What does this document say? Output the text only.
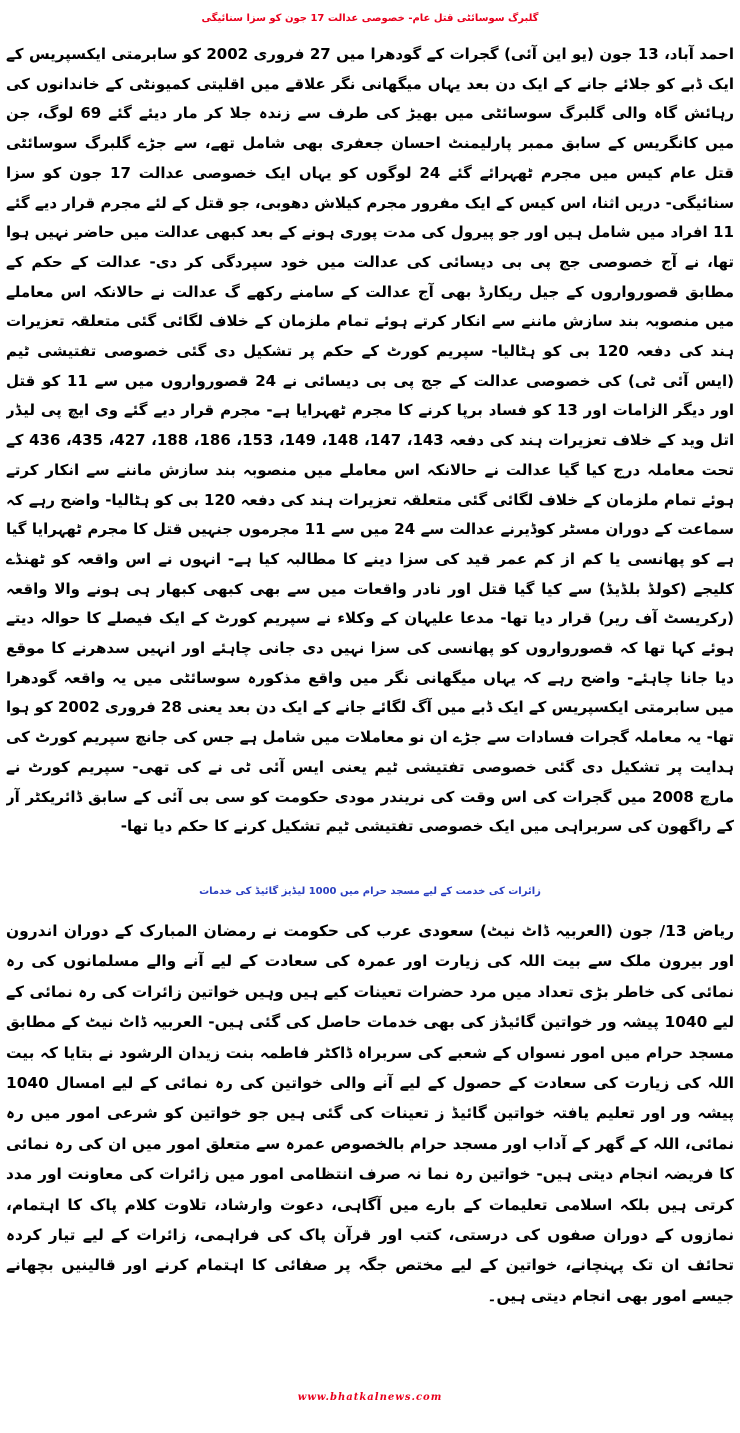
گلبرگ سوسائٹی قتل عام- خصوصی عدالت 17 جون کو سزا سنائیگی
احمد آباد، 13 جون (یو این آئی) گجرات کے گودھرا میں 27 فروری 2002 کو سابرمتی ایکسپریس کے ایک ڈبے کو جلائے جانے کے ایک دن بعد یہاں میگھانی نگر علاقے میں اقلیتی کمیونٹی کے خاندانوں کی رہائش گاہ والی گلبرگ سوسائٹی میں بھیڑ کی طرف سے زندہ جلا کر مار دیئے گئے 69 لوگ، جن میں کانگریس کے سابق ممبر پارلیمنٹ احسان جعفری بھی شامل تھے، سے جڑے گلبرگ سوسائٹی قتل عام کیس میں مجرم ٹھہرائے گئے 24 لوگوں کو یہاں ایک خصوصی عدالت 17 جون کو سزا سنائیگی- دریں اثنا، اس کیس کے ایک مفرور مجرم کیلاش دھوبی، جو قتل کے لئے مجرم قرار دیے گئے 11 افراد میں شامل ہیں اور جو پیرول کی مدت پوری ہونے کے بعد کبھی عدالت میں حاضر نہیں ہوا تھا، نے آج خصوصی جج پی بی دیسائی کی عدالت میں خود سپردگی کر دی- عدالت کے حکم کے مطابق قصورواروں کے جیل ریکارڈ بھی آج عدالت کے سامنے رکھے گ عدالت نے حالانکہ اس معاملے میں منصوبہ بند سازش ماننے سے انکار کرتے ہوئے تمام ملزمان کے خلاف لگائی گئی متعلقہ تعزیرات ہند کی دفعہ 120 بی کو ہٹالیا- سپریم کورٹ کے حکم پر تشکیل دی گئی خصوصی تفتیشی ٹیم (ایس آئی ٹی) کی خصوصی عدالت کے جج پی بی دیسائی نے 24 قصورواروں میں سے 11 کو قتل اور دیگر الزامات اور 13 کو فساد برپا کرنے کا مجرم ٹھہرایا ہے- مجرم قرار دیے گئے وی ایچ پی لیڈر اتل وید کے خلاف تعزیرات ہند کی دفعہ 143، 147، 148، 149، 153، 186، 188، 427، 435، 436 کے تحت معاملہ درج کیا گیا عدالت نے حالانکہ اس معاملے میں منصوبہ بند سازش ماننے سے انکار کرتے ہوئے تمام ملزمان کے خلاف لگائی گئی متعلقہ تعزیرات ہند کی دفعہ 120 بی کو ہٹالیا- واضح رہے کہ سماعت کے دوران مسٹر کوڈیرنے عدالت سے 24 میں سے 11 مجرموں جنہیں قتل کا مجرم ٹھہرایا گیا ہے کو پھانسی یا کم از کم عمر قید کی سزا دینے کا مطالبہ کیا ہے- انہوں نے اس واقعہ کو ٹھنڈے کلیجے (کولڈ بلڈیڈ) سے کیا گیا قتل اور نادر واقعات میں سے بھی کبھی کبھار ہی ہونے والا واقعہ (رکریسٹ آف ریر) قرار دیا تھا- مدعا علیہان کے وکلاء نے سپریم کورٹ کے ایک فیصلے کا حوالہ دیتے ہوئے کہا تھا کہ قصورواروں کو پھانسی کی سزا نہیں دی جانی چاہئے اور انہیں سدھرنے کا موقع دیا جانا چاہئے- واضح رہے کہ یہاں میگھانی نگر میں واقع مذکورہ سوسائٹی میں یہ واقعہ گودھرا میں سابرمتی ایکسپریس کے ایک ڈبے میں آگ لگائے جانے کے ایک دن بعد یعنی 28 فروری 2002 کو ہوا تھا- یہ معاملہ گجرات فسادات سے جڑے ان نو معاملات میں شامل ہے جس کی جانچ سپریم کورٹ کی ہدایت پر تشکیل دی گئی خصوصی تفتیشی ٹیم یعنی ایس آئی ٹی نے کی تھی- سپریم کورٹ نے مارچ 2008 میں گجرات کی اس وقت کی نریندر مودی حکومت کو سی بی آئی کے سابق ڈائریکٹر آر کے راگھون کی سربراہی میں ایک خصوصی تفتیشی ٹیم تشکیل کرنے کا حکم دیا تھا-
زائرات کی خدمت کے لیے مسجد حرام میں 1000 لیڈیز گائیڈ کی خدمات
ریاض 13/ جون (العربیہ ڈاٹ نیٹ) سعودی عرب کی حکومت نے رمضان المبارک کے دوران اندرون اور بیرون ملک سے بیت اللہ کی زیارت اور عمرہ کی سعادت کے لیے آنے والے مسلمانوں کی رہ نمائی کی خاطر بڑی تعداد میں مرد حضرات تعینات کیے ہیں وہیں خواتین زائرات کی رہ نمائی کے لیے 1040 پیشہ ور خواتین گائیڈز کی بھی خدمات حاصل کی گئی ہیں- العربیہ ڈاٹ نیٹ کے مطابق مسجد حرام میں امور نسواں کے شعبے کی سربراہ ڈاکٹر فاطمہ بنت زیدان الرشود نے بتایا کہ بیت اللہ کی زیارت کی سعادت کے حصول کے لیے آنے والی خواتین کی رہ نمائی کے لیے امسال 1040 پیشہ ور اور تعلیم یافتہ خواتین گائیڈ ز تعینات کی گئی ہیں جو خواتین کو شرعی امور میں رہ نمائی، اللہ کے گھر کے آداب اور مسجد حرام بالخصوص عمرہ سے متعلق امور میں ان کی رہ نمائی کا فریضہ انجام دیتی ہیں- خواتین رہ نما نہ صرف انتظامی امور میں زائرات کی معاونت اور مدد کرتی ہیں بلکہ اسلامی تعلیمات کے بارے میں آگاہی، دعوت وارشاد، تلاوت کلام پاک کا اہتمام، نمازوں کے دوران صفوں کی درستی، کتب اور قرآن پاک کی فراہمی، زائرات کے لیے تیار کردہ تحائف ان تک پہنچانے، خواتین کے لیے مختص جگہ پر صفائی کا اہتمام کرنے اور قالینیں بچھانے جیسے امور بھی انجام دیتی ہیں۔
www.bhatkalnews.com
